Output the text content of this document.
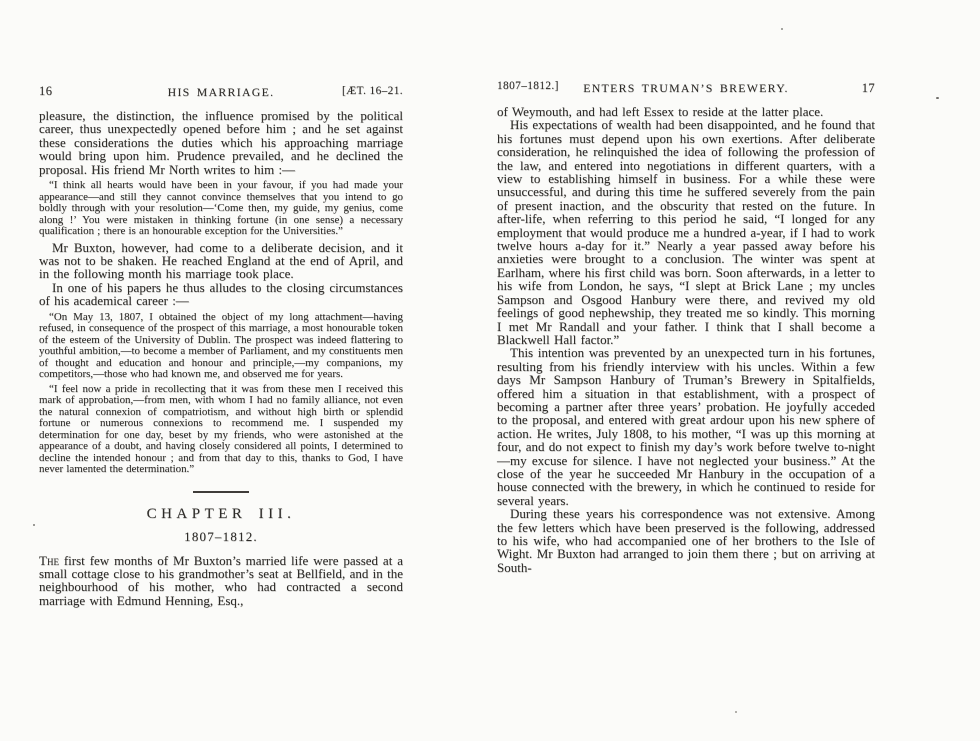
16	HIS MARRIAGE.	[ÆT. 16–21.

pleasure, the distinction, the influence promised by the political career, thus unexpectedly opened before him ; and he set against these considerations the duties which his approaching marriage would bring upon him. Prudence prevailed, and he declined the proposal. His friend Mr North writes to him :—

“I think all hearts would have been in your favour, if you had made your appearance—and still they cannot convince themselves that you intend to go boldly through with your resolution—‘Come then, my guide, my genius, come along !’ You were mistaken in thinking fortune (in one sense) a necessary qualification ; there is an honourable exception for the Universities.”

Mr Buxton, however, had come to a deliberate decision, and it was not to be shaken. He reached England at the end of April, and in the following month his marriage took place.

In one of his papers he thus alludes to the closing circumstances of his academical career :—

“On May 13, 1807, I obtained the object of my long attachment—having refused, in consequence of the prospect of this marriage, a most honourable token of the esteem of the University of Dublin. The prospect was indeed flattering to youthful ambition,—to become a member of Parliament, and my constituents men of thought and education and honour and principle,—my companions, my competitors,—those who had known me, and observed me for years.

“I feel now a pride in recollecting that it was from these men I received this mark of approbation,—from men, with whom I had no family alliance, not even the natural connexion of compatriotism, and without high birth or splendid fortune or numerous connexions to recommend me. I suspended my determination for one day, beset by my friends, who were astonished at the appearance of a doubt, and having closely considered all points, I determined to decline the intended honour ; and from that day to this, thanks to God, I have never lamented the determination.”

CHAPTER III.
1807–1812.

The first few months of Mr Buxton’s married life were passed at a small cottage close to his grandmother’s seat at Bellfield, and in the neighbourhood of his mother, who had contracted a second marriage with Edmund Henning, Esq.,

1807–1812.]	ENTERS TRUMAN’S BREWERY.	17

of Weymouth, and had left Essex to reside at the latter place.

His expectations of wealth had been disappointed, and he found that his fortunes must depend upon his own exertions. After deliberate consideration, he relinquished the idea of following the profession of the law, and entered into negotiations in different quarters, with a view to establishing himself in business. For a while these were unsuccessful, and during this time he suffered severely from the pain of present inaction, and the obscurity that rested on the future. In after-life, when referring to this period he said, “I longed for any employment that would produce me a hundred a-year, if I had to work twelve hours a-day for it.” Nearly a year passed away before his anxieties were brought to a conclusion. The winter was spent at Earlham, where his first child was born. Soon afterwards, in a letter to his wife from London, he says, “I slept at Brick Lane ; my uncles Sampson and Osgood Hanbury were there, and revived my old feelings of good nephewship, they treated me so kindly. This morning I met Mr Randall and your father. I think that I shall become a Blackwell Hall factor.”

This intention was prevented by an unexpected turn in his fortunes, resulting from his friendly interview with his uncles. Within a few days Mr Sampson Hanbury of Truman’s Brewery in Spitalfields, offered him a situation in that establishment, with a prospect of becoming a partner after three years’ probation. He joyfully acceded to the proposal, and entered with great ardour upon his new sphere of action. He writes, July 1808, to his mother, “I was up this morning at four, and do not expect to finish my day’s work before twelve to-night—my excuse for silence. I have not neglected your business.” At the close of the year he succeeded Mr Hanbury in the occupation of a house connected with the brewery, in which he continued to reside for several years.

During these years his correspondence was not extensive. Among the few letters which have been preserved is the following, addressed to his wife, who had accompanied one of her brothers to the Isle of Wight. Mr Buxton had arranged to join them there ; but on arriving at South-
